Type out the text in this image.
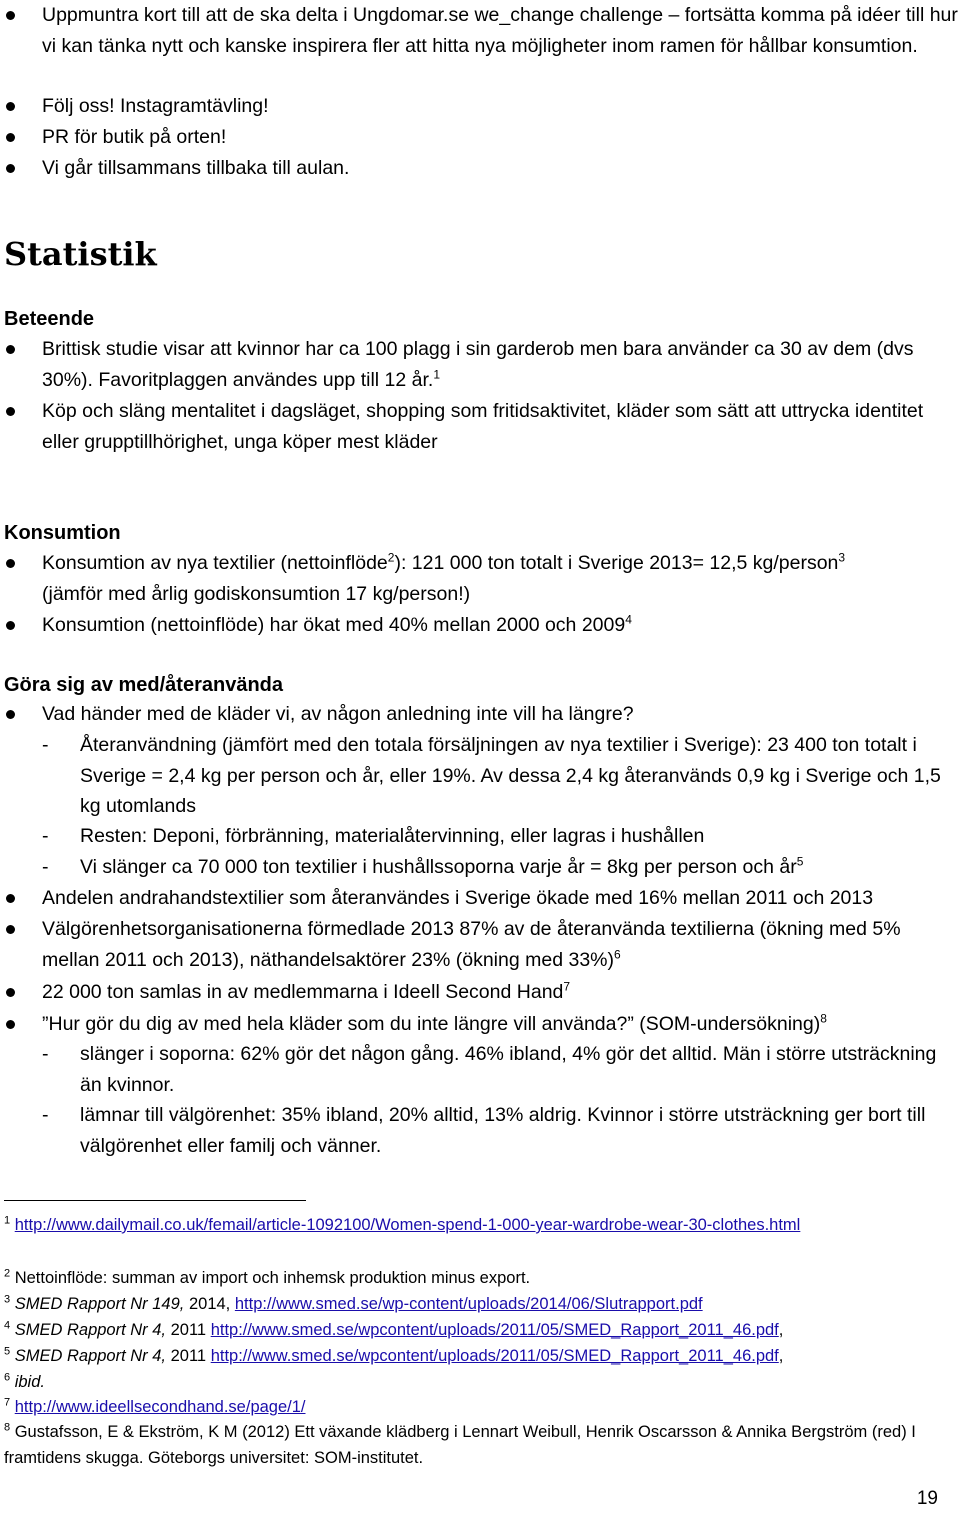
Uppmuntra kort till att de ska delta i Ungdomar.se we_change challenge – fortsätta komma på idéer till hur vi kan tänka nytt och kanske inspirera fler att hitta nya möjligheter inom ramen för hållbar konsumtion.
Följ oss! Instagramtävling!
PR för butik på orten!
Vi går tillsammans tillbaka till aulan.
Statistik
Beteende
Brittisk studie visar att kvinnor har ca 100 plagg i sin garderob men bara använder ca 30 av dem (dvs 30%). Favoritplaggen användes upp till 12 år.$^1$
Köp och släng mentalitet i dagsläget, shopping som fritidsaktivitet, kläder som sätt att uttrycka identitet eller grupptillhörighet, unga köper mest kläder
Konsumtion
Konsumtion av nya textilier (nettoinflöde$^2$): 121 000 ton totalt i Sverige 2013= 12,5 kg/person$^3$
(jämför med årlig godiskonsumtion 17 kg/person!)
Konsumtion (nettoinflöde) har ökat med 40% mellan 2000 och 2009$^4$
Göra sig av med/återanvända
Vad händer med de kläder vi, av någon anledning inte vill ha längre?
- Återanvändning (jämfört med den totala försäljningen av nya textilier i Sverige): 23 400 ton totalt i Sverige = 2,4 kg per person och år, eller 19%. Av dessa 2,4 kg återanvänds 0,9 kg i Sverige och 1,5 kg utomlands
- Resten: Deponi, förbränning, materialåtervinning, eller lagras i hushållen
- Vi slänger ca 70 000 ton textilier i hushållssoporna varje år = 8kg per person och $år^5$
Andelen andrahandstextilier som återanvändes i Sverige ökade med 16% mellan 2011 och 2013
Välgörenhetsorganisationerna förmedlade 2013 87% av de återanvända textilierna (ökning med 5% mellan 2011 och 2013), näthandelsaktörer 23% (ökning med 33%)$^6$
22 000 ton samlas in av medlemmarna i Ideell Second Hand$^7$
”Hur gör du dig av med hela kläder som du inte längre vill använda?” (SOM-undersökning)$^8$
- slänger i soporna: 62% gör det någon gång. 46% ibland, 4% gör det alltid. Män i större utsträckning än kvinnor.
- lämnar till välgörenhet: 35% ibland, 20% alltid, 13% aldrig. Kvinnor i större utsträckning ger bort till välgörenhet eller familj och vänner.
$^1$ http://www.dailymail.co.uk/femail/article-1092100/Women-spend-1-000-year-wardrobe-wear-30-clothes.html
$^2$ Nettoinflöde: summan av import och inhemsk produktion minus export.
$^3$ SMED Rapport Nr 149, 2014, http://www.smed.se/wp-content/uploads/2014/06/Slutrapport.pdf
$^4$ SMED Rapport Nr 4, 2011 http://www.smed.se/wpcontent/uploads/2011/05/SMED_Rapport_2011_46.pdf,
$^5$ SMED Rapport Nr 4, 2011 http://www.smed.se/wpcontent/uploads/2011/05/SMED_Rapport_2011_46.pdf,
$^6$ ibid.
$^7$ http://www.ideellsecondhand.se/page/1/
$^8$ Gustafsson, E & Ekström, K M (2012) Ett växande klädberg i Lennart Weibull, Henrik Oscarsson & Annika Bergström (red) I framtidens skugga. Göteborgs universitet: SOM-institutet.
19
